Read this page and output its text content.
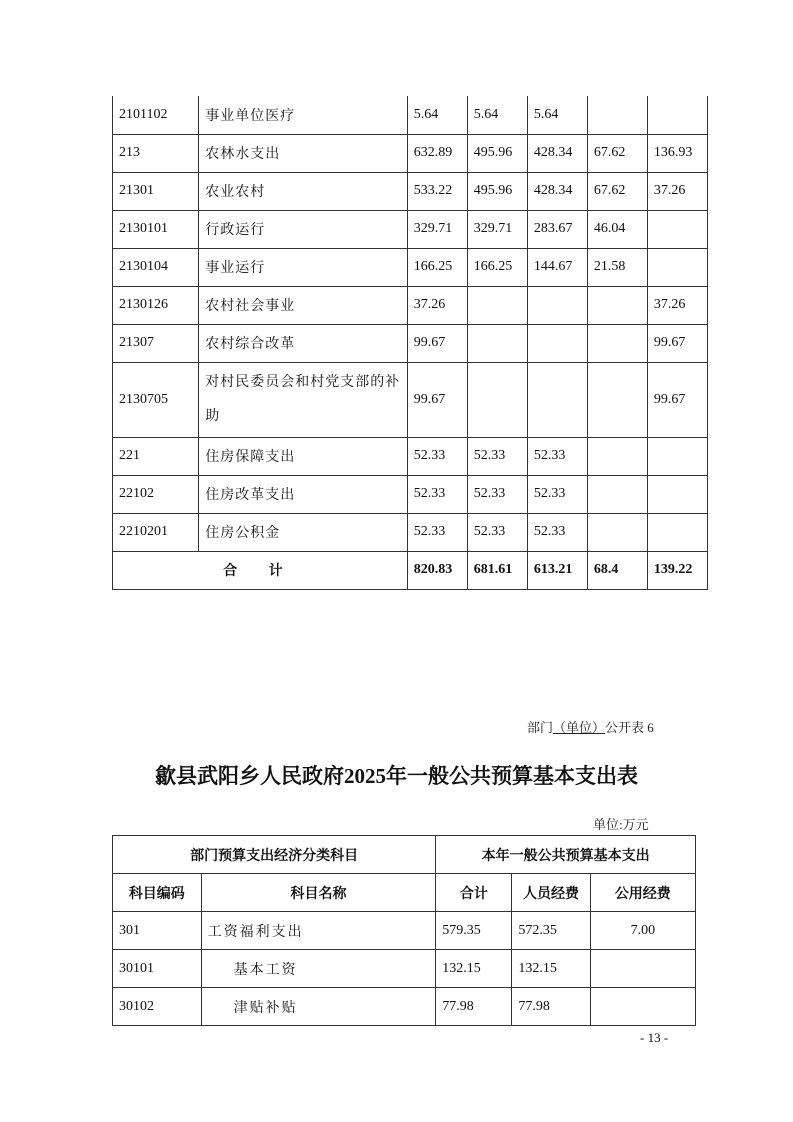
2101102	事业单位医疗	5.64	5.64	5.64		
213	农林水支出	632.89	495.96	428.34	67.62	136.93
21301	农业农村	533.22	495.96	428.34	67.62	37.26
2130101	行政运行	329.71	329.71	283.67	46.04	
2130104	事业运行	166.25	166.25	144.67	21.58	
2130126	农村社会事业	37.26				37.26
21307	农村综合改革	99.67				99.67
2130705	对村民委员会和村党支部的补助	99.67				99.67
221	住房保障支出	52.33	52.33	52.33		
22102	住房改革支出	52.33	52.33	52.33		
2210201	住房公积金	52.33	52.33	52.33		
合 计		820.83	681.61	613.21	68.4	139.22
部门（单位）公开表 6
歙县武阳乡人民政府2025年一般公共预算基本支出表
单位:万元
部门预算支出经济分类科目		本年一般公共预算基本支出		
科目编码	科目名称	合计	人员经费	公用经费
301	工资福利支出	579.35	572.35	7.00
30101	基本工资	132.15	132.15	
30102	津贴补贴	77.98	77.98	
- 13 -
